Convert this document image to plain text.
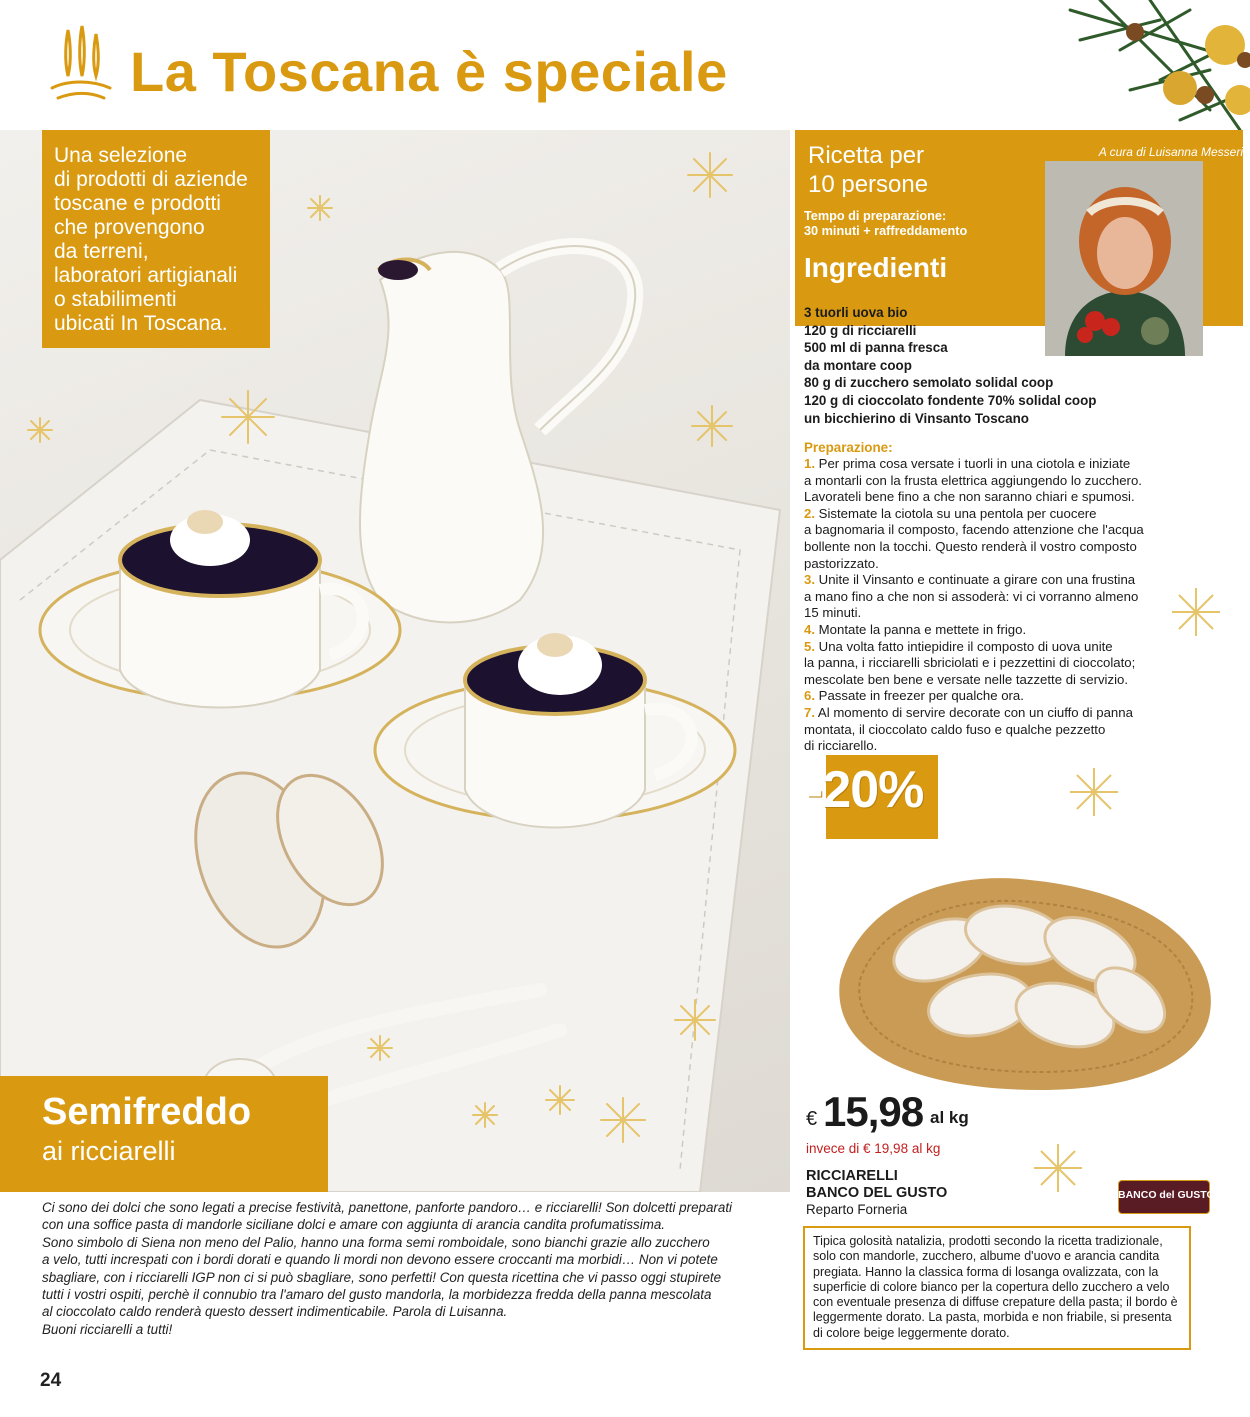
La Toscana è speciale
Una selezione
di prodotti di aziende
toscane e prodotti
che provengono
da terreni,
laboratori artigianali
o stabilimenti
ubicati In Toscana.
Semifreddo
ai ricciarelli
Ci sono dei dolci che sono legati a precise festività, panettone, panforte pandoro… e ricciarelli! Son dolcetti preparati
con una soffice pasta di mandorle siciliane dolci e amare con aggiunta di arancia candita profumatissima.
Sono simbolo di Siena non meno del Palio, hanno una forma semi romboidale, sono bianchi grazie allo zucchero
a velo, tutti increspati con i bordi dorati e quando li mordi non devono essere croccanti ma morbidi… Non vi potete
sbagliare, con i ricciarelli IGP non ci si può sbagliare, sono perfetti! Con questa ricettina che vi passo oggi stupirete
tutti i vostri ospiti, perchè il connubio tra l'amaro del gusto mandorla, la morbidezza fredda della panna mescolata
al cioccolato caldo renderà questo dessert indimenticabile. Parola di Luisanna.
Buoni ricciarelli a tutti!
Ricetta per
10 persone
Tempo di preparazione:
30 minuti + raffreddamento
A cura di Luisanna Messeri
Ingredienti
3 tuorli uova bio
120 g di ricciarelli
500 ml di panna fresca
da montare coop
80 g di zucchero semolato solidal coop
120 g di cioccolato fondente 70% solidal coop
un bicchierino di Vinsanto Toscano
Preparazione:
1. Per prima cosa versate i tuorli in una ciotola e iniziate
a montarli con la frusta elettrica aggiungendo lo zucchero.
Lavorateli bene fino a che non saranno chiari e spumosi.
2. Sistemate la ciotola su una pentola per cuocere
a bagnomaria il composto, facendo attenzione che l'acqua
bollente non la tocchi. Questo renderà il vostro composto
pastorizzato.
3. Unite il Vinsanto e continuate a girare con una frustina
a mano fino a che non si assoderà: vi ci vorranno almeno
15 minuti.
4. Montate la panna e mettete in frigo.
5. Una volta fatto intiepidire il composto di uova unite
la panna, i ricciarelli sbriciolati e i pezzettini di cioccolato;
mescolate ben bene e versate nelle tazzette di servizio.
6. Passate in freezer per qualche ora.
7. Al momento di servire decorate con un ciuffo di panna
montata, il cioccolato caldo fuso e qualche pezzetto
di ricciarello.
-20%
€ 15,98 al kg
invece di € 19,98 al kg
RICCIARELLI
BANCO DEL GUSTO
Reparto Forneria
BANCO del GUSTO
Tipica golosità natalizia, prodotti secondo la ricetta tradizionale, solo con mandorle, zucchero, albume d'uovo e arancia candita pregiata. Hanno la classica forma di losanga ovalizzata, con la superficie di colore bianco per la copertura dello zucchero a velo con eventuale presenza di diffuse crepature della pasta; il bordo è leggermente dorato. La pasta, morbida e non friabile, si presenta di colore beige leggermente dorato.
24
